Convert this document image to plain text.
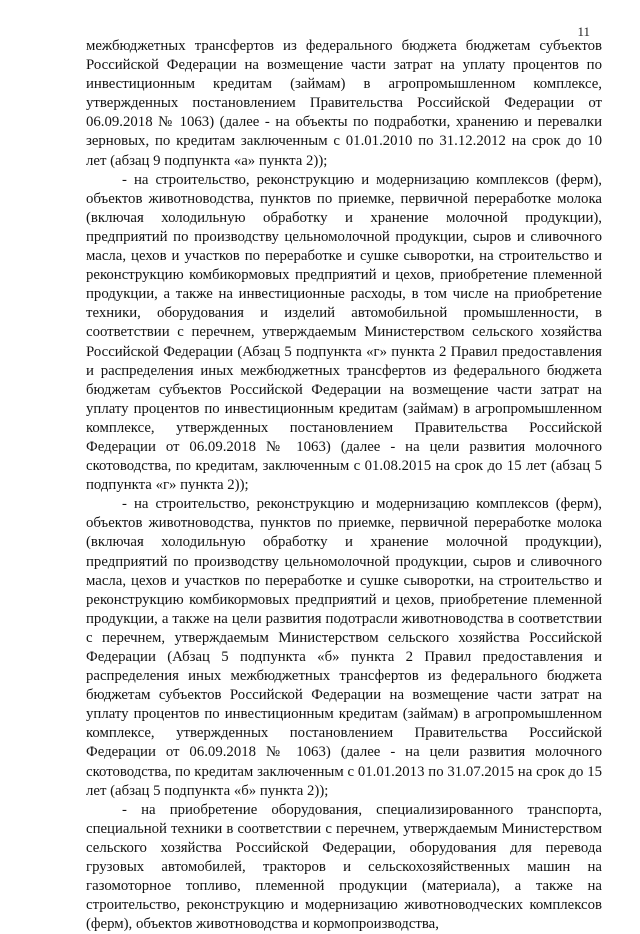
11

межбюджетных трансфертов из федерального бюджета бюджетам субъектов Российской Федерации на возмещение части затрат на уплату процентов по инвестиционным кредитам (займам) в агропромышленном комплексе, утвержденных постановлением Правительства Российской Федерации от 06.09.2018 № 1063) (далее - на объекты по подработки, хранению и перевалки зерновых, по кредитам заключенным с 01.01.2010 по 31.12.2012 на срок до 10 лет (абзац 9 подпункта «а» пункта 2));

- на строительство, реконструкцию и модернизацию комплексов (ферм), объектов животноводства, пунктов по приемке, первичной переработке молока (включая холодильную обработку и хранение молочной продукции), предприятий по производству цельномолочной продукции, сыров и сливочного масла, цехов и участков по переработке и сушке сыворотки, на строительство и реконструкцию комбикормовых предприятий и цехов, приобретение племенной продукции, а также на инвестиционные расходы, в том числе на приобретение техники, оборудования и изделий автомобильной промышленности, в соответствии с перечнем, утверждаемым Министерством сельского хозяйства Российской Федерации (Абзац 5 подпункта «г» пункта 2 Правил предоставления и распределения иных межбюджетных трансфертов из федерального бюджета бюджетам субъектов Российской Федерации на возмещение части затрат на уплату процентов по инвестиционным кредитам (займам) в агропромышленном комплексе, утвержденных постановлением Правительства Российской Федерации от 06.09.2018 № 1063) (далее - на цели развития молочного скотоводства, по кредитам, заключенным с 01.08.2015 на срок до 15 лет (абзац 5 подпункта «г» пункта 2));

- на строительство, реконструкцию и модернизацию комплексов (ферм), объектов животноводства, пунктов по приемке, первичной переработке молока (включая холодильную обработку и хранение молочной продукции), предприятий по производству цельномолочной продукции, сыров и сливочного масла, цехов и участков по переработке и сушке сыворотки, на строительство и реконструкцию комбикормовых предприятий и цехов, приобретение племенной продукции, а также на цели развития подотрасли животноводства в соответствии с перечнем, утверждаемым Министерством сельского хозяйства Российской Федерации (Абзац 5 подпункта «б» пункта 2 Правил предоставления и распределения иных межбюджетных трансфертов из федерального бюджета бюджетам субъектов Российской Федерации на возмещение части затрат на уплату процентов по инвестиционным кредитам (займам) в агропромышленном комплексе, утвержденных постановлением Правительства Российской Федерации от 06.09.2018 № 1063) (далее - на цели развития молочного скотоводства, по кредитам заключенным с 01.01.2013 по 31.07.2015 на срок до 15 лет (абзац 5 подпункта «б» пункта 2));

- на приобретение оборудования, специализированного транспорта, специальной техники в соответствии с перечнем, утверждаемым Министерством сельского хозяйства Российской Федерации, оборудования для перевода грузовых автомобилей, тракторов и сельскохозяйственных машин на газомоторное топливо, племенной продукции (материала), а также на строительство, реконструкцию и модернизацию животноводческих комплексов (ферм), объектов животноводства и кормопроизводства,
